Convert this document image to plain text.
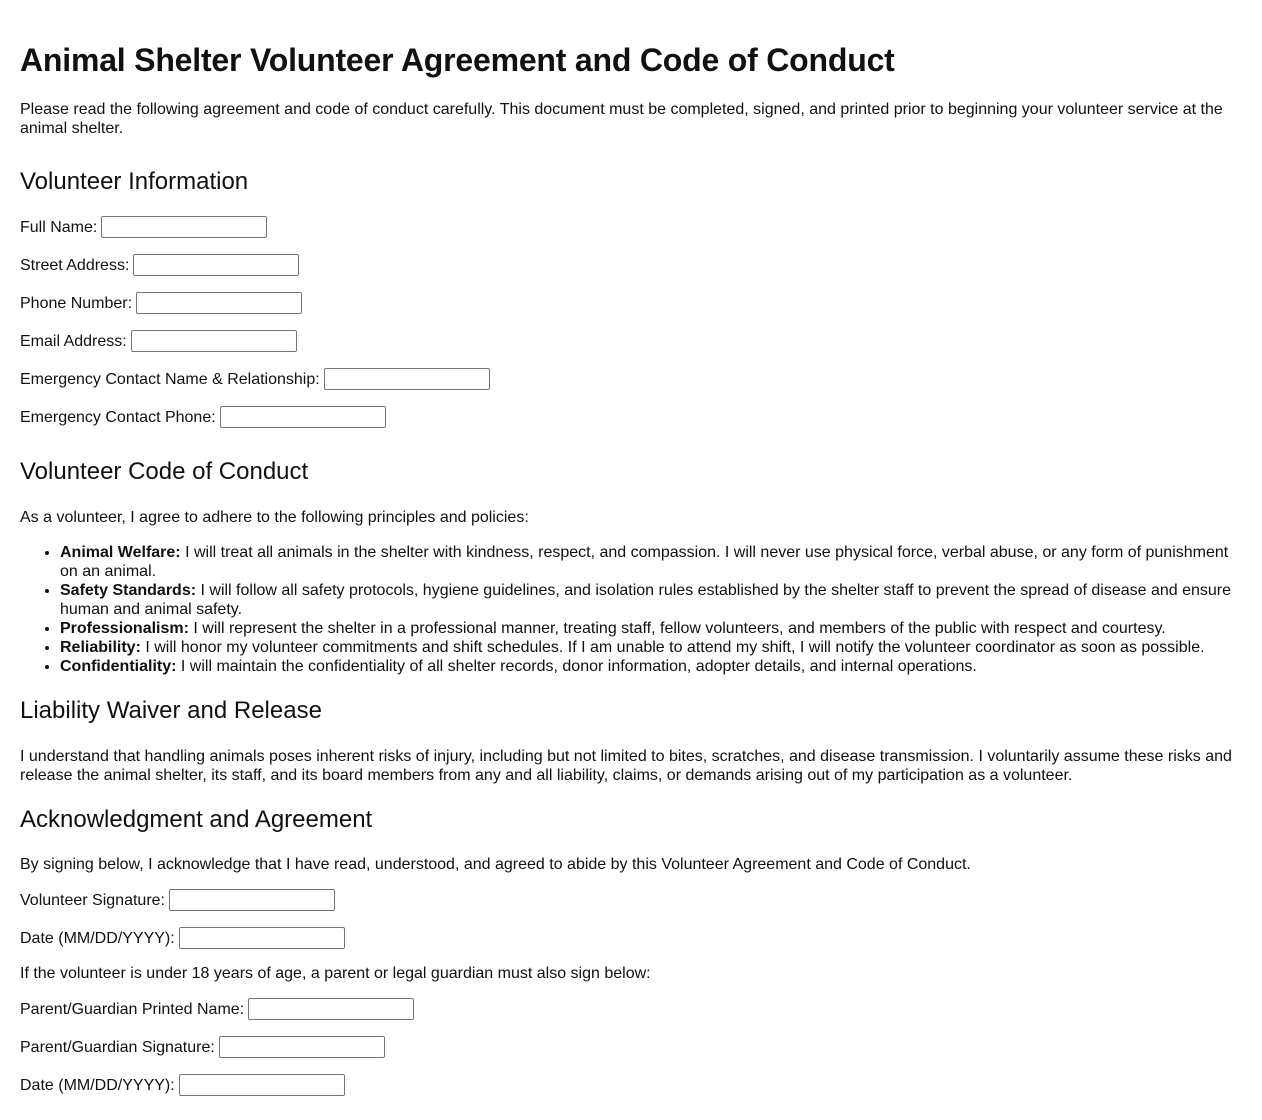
Animal Shelter Volunteer Agreement and Code of Conduct

Please read the following agreement and code of conduct carefully. This document must be completed, signed, and printed prior to beginning your volunteer service at the animal shelter.

Volunteer Information
Full Name:
Street Address:
Phone Number:
Email Address:
Emergency Contact Name & Relationship:
Emergency Contact Phone:
Volunteer Code of Conduct

As a volunteer, I agree to adhere to the following principles and policies:

• Animal Welfare: I will treat all animals in the shelter with kindness, respect, and compassion. I will never use physical force, verbal abuse, or any form of punishment on an animal.
• Safety Standards: I will follow all safety protocols, hygiene guidelines, and isolation rules established by the shelter staff to prevent the spread of disease and ensure human and animal safety.
• Professionalism: I will represent the shelter in a professional manner, treating staff, fellow volunteers, and members of the public with respect and courtesy.
• Reliability: I will honor my volunteer commitments and shift schedules. If I am unable to attend my shift, I will notify the volunteer coordinator as soon as possible.
• Confidentiality: I will maintain the confidentiality of all shelter records, donor information, adopter details, and internal operations.
Liability Waiver and Release

I understand that handling animals poses inherent risks of injury, including but not limited to bites, scratches, and disease transmission. I voluntarily assume these risks and release the animal shelter, its staff, and its board members from any and all liability, claims, or demands arising out of my participation as a volunteer.

Acknowledgment and Agreement

By signing below, I acknowledge that I have read, understood, and agreed to abide by this Volunteer Agreement and Code of Conduct.

Volunteer Signature:
Date (MM/DD/YYYY):

If the volunteer is under 18 years of age, a parent or legal guardian must also sign below:

Parent/Guardian Printed Name:
Parent/Guardian Signature:
Date (MM/DD/YYYY):
